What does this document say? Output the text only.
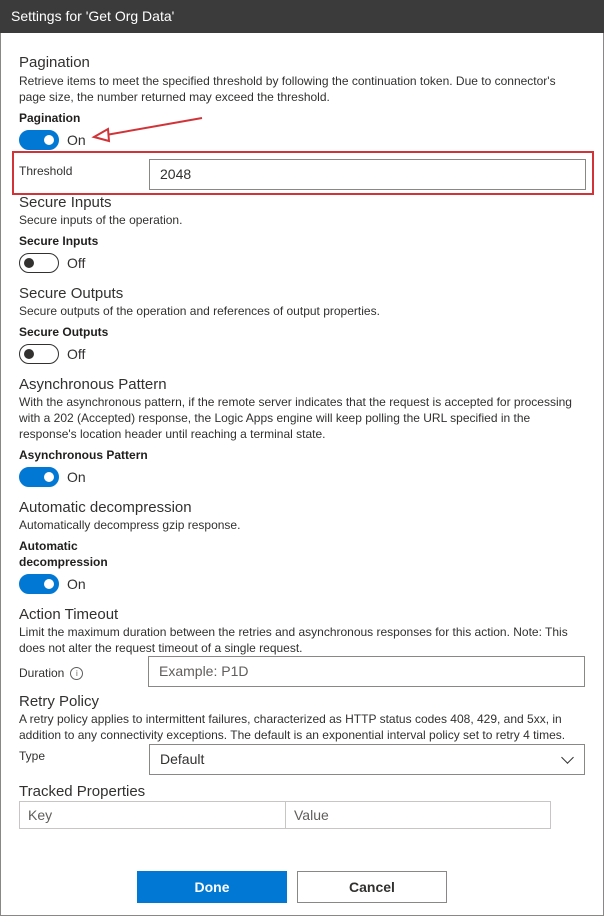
Settings for 'Get Org Data'
Pagination
Retrieve items to meet the specified threshold by following the continuation token. Due to connector's page size, the number returned may exceed the threshold.
Pagination
On
Threshold	2048
Secure Inputs
Secure inputs of the operation.
Secure Inputs
Off
Secure Outputs
Secure outputs of the operation and references of output properties.
Secure Outputs
Off
Asynchronous Pattern
With the asynchronous pattern, if the remote server indicates that the request is accepted for processing with a 202 (Accepted) response, the Logic Apps engine will keep polling the URL specified in the response's location header until reaching a terminal state.
Asynchronous Pattern
On
Automatic decompression
Automatically decompress gzip response.
Automatic
decompression
On
Action Timeout
Limit the maximum duration between the retries and asynchronous responses for this action. Note: This does not alter the request timeout of a single request.
Duration i	Example: P1D
Retry Policy
A retry policy applies to intermittent failures, characterized as HTTP status codes 408, 429, and 5xx, in addition to any connectivity exceptions. The default is an exponential interval policy set to retry 4 times.
Type	Default
Tracked Properties
Key	Value
Done	Cancel
